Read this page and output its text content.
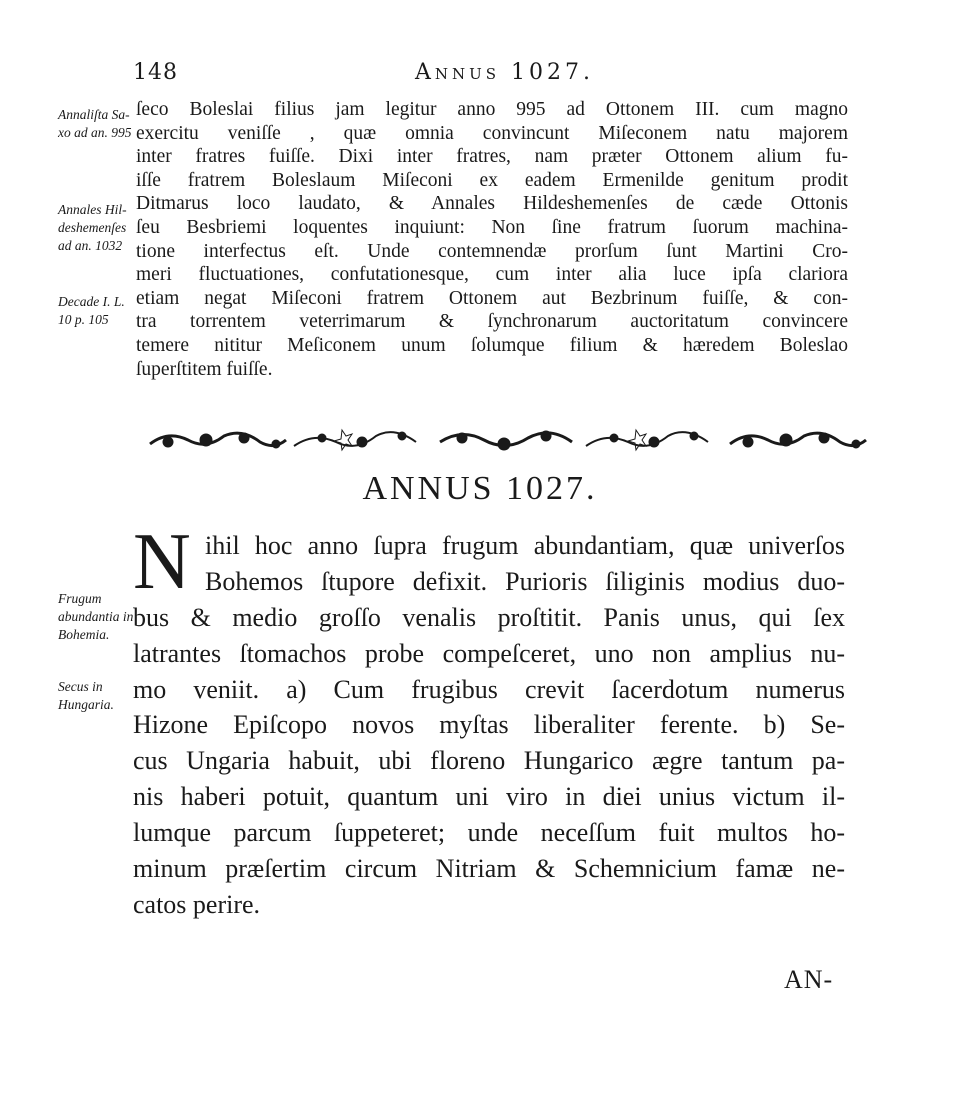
148	Annus 1027.
Annaliſta Sa-
xo ad an. 995
Annales Hil-
deshemenſes
ad an. 1032
Decade I. L.
10 p. 105
ſeco Boleslai filius jam legitur anno 995 ad Ottonem III. cum magno
exercitu veniſſe , quæ omnia convincunt Miſeconem natu majorem
inter fratres fuiſſe. Dixi inter fratres, nam præter Ottonem alium fu-
iſſe fratrem Boleslaum Miſeconi ex eadem Ermenilde genitum prodit
Ditmarus loco laudato, & Annales Hildeshemenſes de cæde Ottonis
ſeu Besbriemi loquentes inquiunt: Non ſine fratrum ſuorum machina-
tione interfectus eſt. Unde contemnendæ prorſum ſunt Martini Cro-
meri fluctuationes, confutationesque, cum inter alia luce ipſa clariora
etiam negat Miſeconi fratrem Ottonem aut Bezbrinum fuiſſe, & con-
tra torrentem veterrimarum & ſynchronarum auctoritatum convincere
temere nititur Meſiconem unum ſolumque filium & hæredem Boleslao
ſuperſtitem fuiſſe.
ANNUS 1027.
N
Frugum
abundantia in
Bohemia.
Secus in
Hungaria.
ihil hoc anno ſupra frugum abundantiam, quæ univerſos
Bohemos ſtupore defixit. Purioris ſiliginis modius duo-
bus & medio groſſo venalis proſtitit. Panis unus, qui ſex
latrantes ſtomachos probe compeſceret, uno non amplius nu-
mo veniit. a) Cum frugibus crevit ſacerdotum numerus
Hizone Epiſcopo novos myſtas liberaliter ferente. b) Se-
cus Ungaria habuit, ubi floreno Hungarico ægre tantum pa-
nis haberi potuit, quantum uni viro in diei unius victum il-
lumque parcum ſuppeteret; unde neceſſum fuit multos ho-
minum præſertim circum Nitriam & Schemnicium famæ ne-
catos perire.
AN-
